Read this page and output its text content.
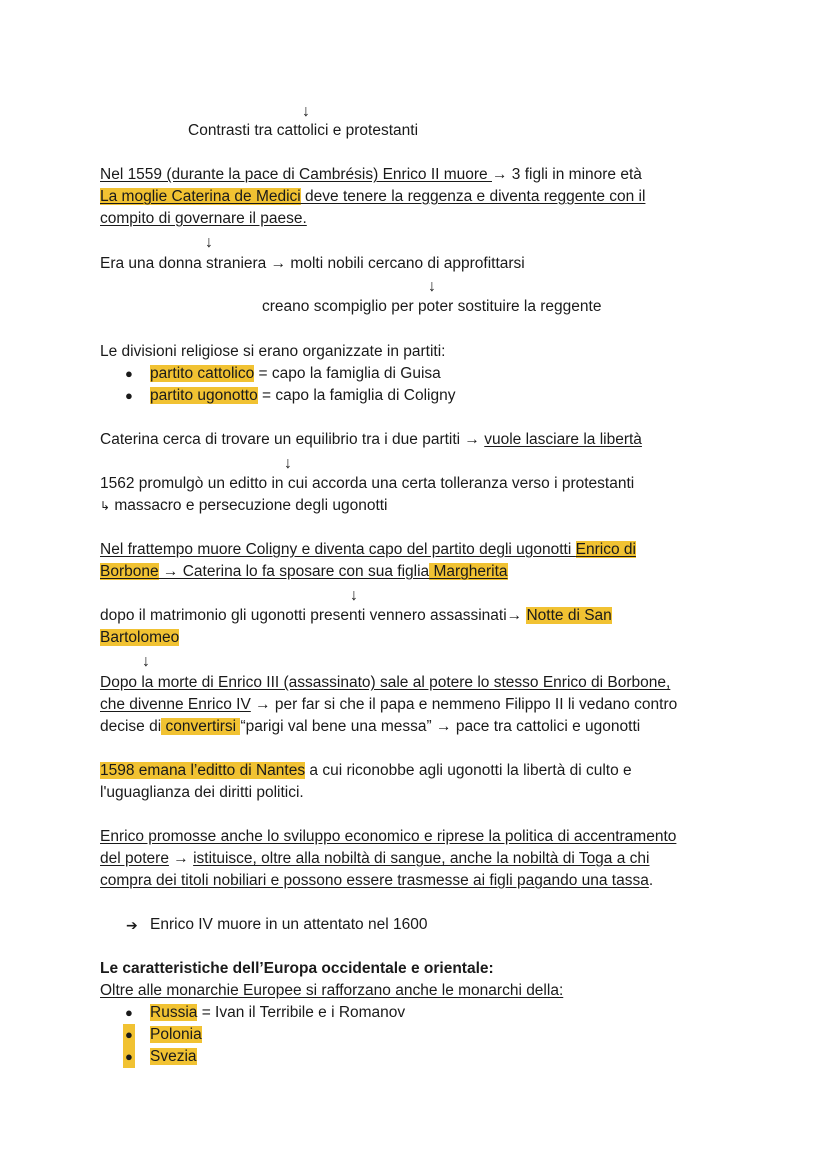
↓
Contrasti tra cattolici e protestanti
Nel 1559 (durante la pace di Cambrésis) Enrico II muore → 3 figli in minore età
La moglie Caterina de Medici deve tenere la reggenza e diventa reggente con il
compito di governare il paese.
↓
Era una donna straniera → molti nobili cercano di approfittarsi
↓
creano scompiglio per poter sostituire la reggente
Le divisioni religiose si erano organizzate in partiti:
● partito cattolico = capo la famiglia di Guisa
● partito ugonotto = capo la famiglia di Coligny
Caterina cerca di trovare un equilibrio tra i due partiti → vuole lasciare la libertà
↓
1562 promulgò un editto in cui accorda una certa tolleranza verso i protestanti
↳ massacro e persecuzione degli ugonotti
Nel frattempo muore Coligny e diventa capo del partito degli ugonotti Enrico di
Borbone → Caterina lo fa sposare con sua figlia Margherita
↓
dopo il matrimonio gli ugonotti presenti vennero assassinati→ Notte di San
Bartolomeo
↓
Dopo la morte di Enrico III (assassinato) sale al potere lo stesso Enrico di Borbone,
che divenne Enrico IV → per far si che il papa e nemmeno Filippo II li vedano contro
decise di convertirsi “parigi val bene una messa” → pace tra cattolici e ugonotti
1598 emana l’editto di Nantes a cui riconobbe agli ugonotti la libertà di culto e
l'uguaglianza dei diritti politici.
Enrico promosse anche lo sviluppo economico e riprese la politica di accentramento
del potere → istituisce, oltre alla nobiltà di sangue, anche la nobiltà di Toga a chi
compra dei titoli nobiliari e possono essere trasmesse ai figli pagando una tassa.
➔ Enrico IV muore in un attentato nel 1600
Le caratteristiche dell’Europa occidentale e orientale:
Oltre alle monarchie Europee si rafforzano anche le monarchi della:
● Russia = Ivan il Terribile e i Romanov
● Polonia
● Svezia
